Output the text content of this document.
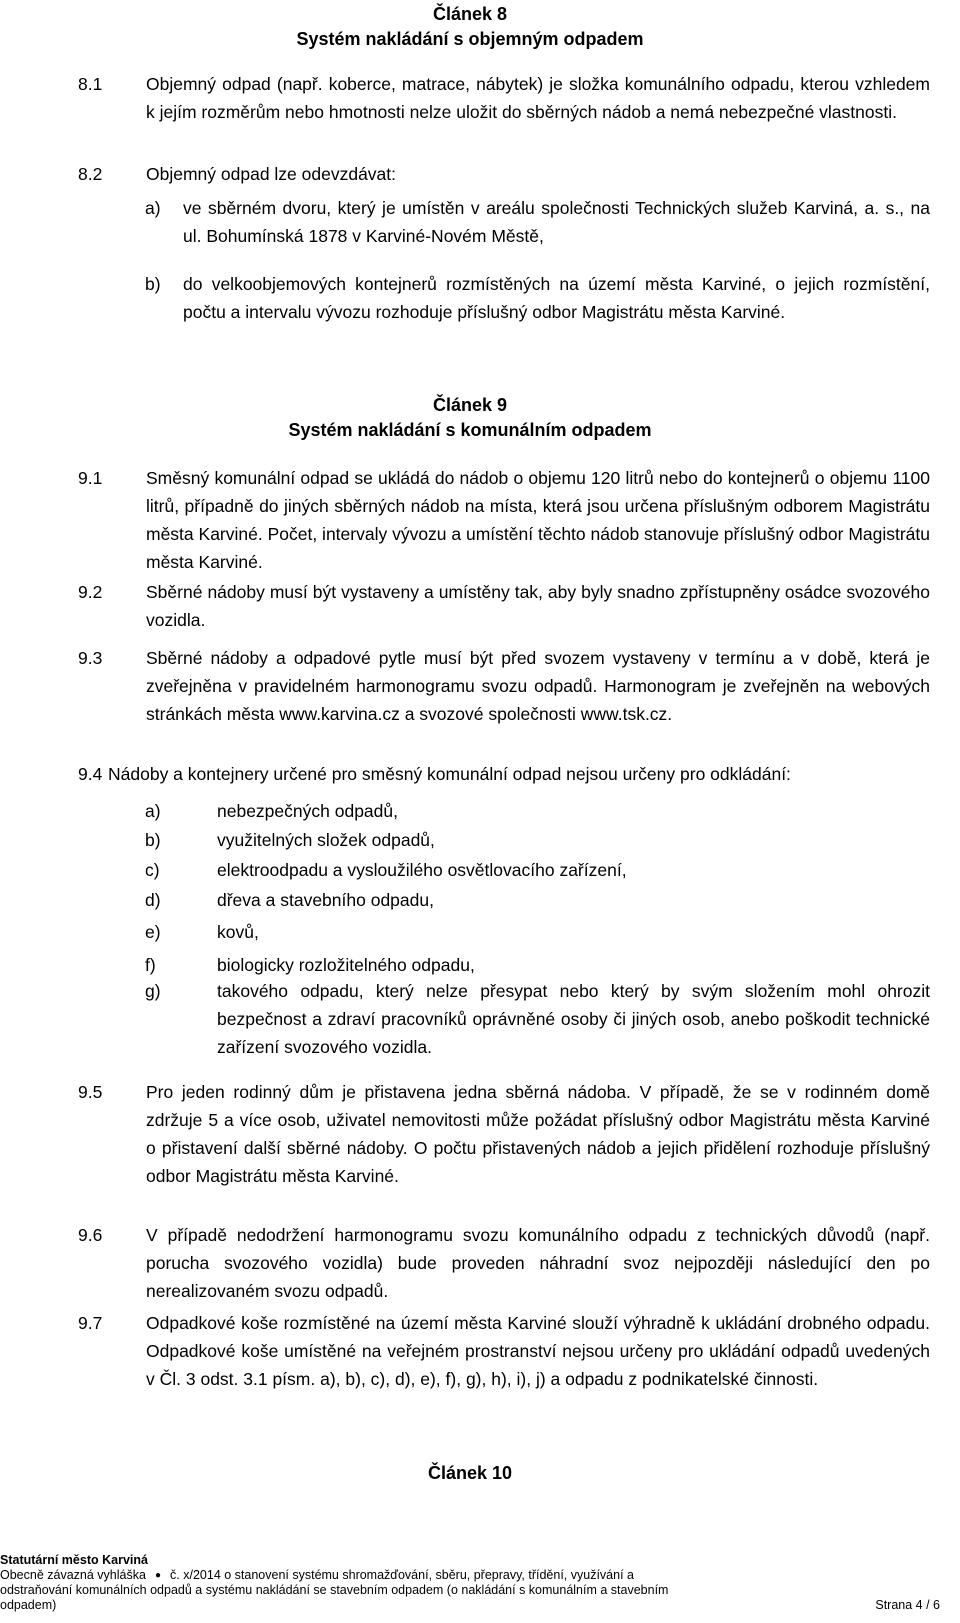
Článek 8
Systém nakládání s objemným odpadem
8.1 Objemný odpad (např. koberce, matrace, nábytek) je složka komunálního odpadu, kterou vzhledem k jejím rozměrům nebo hmotnosti nelze uložit do sběrných nádob a nemá nebezpečné vlastnosti.
8.2 Objemný odpad lze odevzdávat:
a) ve sběrném dvoru, který je umístěn v areálu společnosti Technických služeb Karviná, a. s., na ul. Bohumínská 1878 v Karviné-Novém Městě,
b) do velkoobjemových kontejnerů rozmístěných na území města Karviné, o jejich rozmístění, počtu a intervalu vývozu rozhoduje příslušný odbor Magistrátu města Karviné.
Článek 9
Systém nakládání s komunálním odpadem
9.1 Směsný komunální odpad se ukládá do nádob o objemu 120 litrů nebo do kontejnerů o objemu 1100 litrů, případně do jiných sběrných nádob na místa, která jsou určena příslušným odborem Magistrátu města Karviné. Počet, intervaly vývozu a umístění těchto nádob stanovuje příslušný odbor Magistrátu města Karviné.
9.2 Sběrné nádoby musí být vystaveny a umístěny tak, aby byly snadno zpřístupněny osádce svozového vozidla.
9.3 Sběrné nádoby a odpadové pytle musí být před svozem vystaveny v termínu a v době, která je zveřejněna v pravidelném harmonogramu svozu odpadů. Harmonogram je zveřejněn na webových stránkách města www.karvina.cz a svozové společnosti www.tsk.cz.
9.4 Nádoby a kontejnery určené pro směsný komunální odpad nejsou určeny pro odkládání:
a)	nebezpečných odpadů,
b)	využitelných složek odpadů,
c)	elektroodpadu a vysloužilého osvětlovacího zařízení,
d)	dřeva a stavebního odpadu,
e)	kovů,
f)	biologicky rozložitelného odpadu,
g)	takového odpadu, který nelze přesypat nebo který by svým složením mohl ohrozit bezpečnost a zdraví pracovníků oprávněné osoby či jiných osob, anebo poškodit technické zařízení svozového vozidla.
9.5 Pro jeden rodinný dům je přistavena jedna sběrná nádoba. V případě, že se v rodinném domě zdržuje 5 a více osob, uživatel nemovitosti může požádat příslušný odbor Magistrátu města Karviné o přistavení další sběrné nádoby. O počtu přistavených nádob a jejich přidělení rozhoduje příslušný odbor Magistrátu města Karviné.
9.6 V případě nedodržení harmonogramu svozu komunálního odpadu z technických důvodů (např. porucha svozového vozidla) bude proveden náhradní svoz nejpozději následující den po nerealizovaném svozu odpadů.
9.7 Odpadkové koše rozmístěné na území města Karviné slouží výhradně k ukládání drobného odpadu. Odpadkové koše umístěné na veřejném prostranství nejsou určeny pro ukládání odpadů uvedených v Čl. 3 odst. 3.1 písm. a), b), c), d), e), f), g), h), i), j) a odpadu z podnikatelské činnosti.
Článek 10
Statutární město Karviná
Obecně závazná vyhláška   ●   č. x/2014 o stanovení systému shromažďování, sběru, přepravy, třídění, využívání a
odstraňování komunálních odpadů a systému nakládání se stavebním odpadem (o nakládání s komunálním a stavebním
odpadem)	Strana 4 / 6
